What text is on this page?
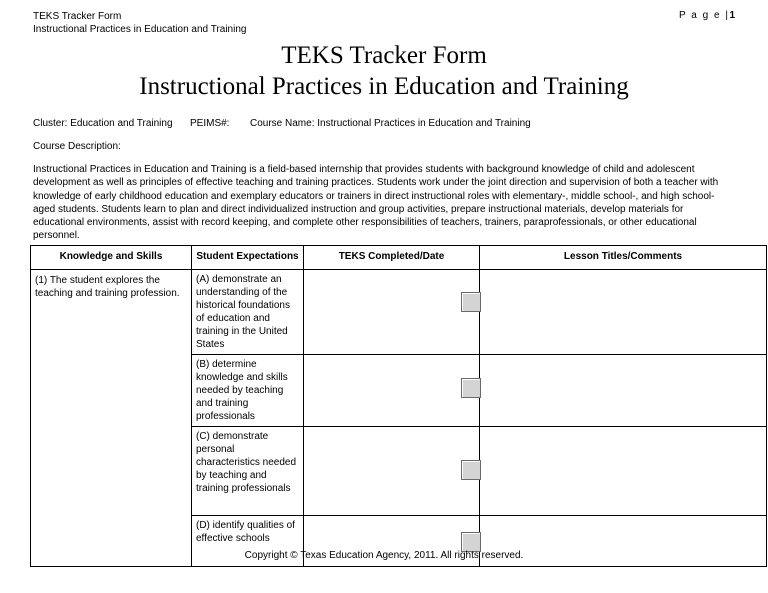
TEKS Tracker Form
Instructional Practices in Education and Training
P a g e |1
TEKS Tracker Form
Instructional Practices in Education and Training
Cluster: Education and Training PEIMS#: Course Name: Instructional Practices in Education and Training
Course Description:
Instructional Practices in Education and Training is a field-based internship that provides students with background knowledge of child and adolescent development as well as principles of effective teaching and training practices. Students work under the joint direction and supervision of both a teacher with knowledge of early childhood education and exemplary educators or trainers in direct instructional roles with elementary-, middle school-, and high school-aged students. Students learn to plan and direct individualized instruction and group activities, prepare instructional materials, develop materials for educational environments, assist with record keeping, and complete other responsibilities of teachers, trainers, paraprofessionals, or other educational personnel.
Knowledge and Skills	Student Expectations	TEKS Completed/Date	Lesson Titles/Comments
(1) The student explores the teaching and training profession.	(A) demonstrate an understanding of the historical foundations of education and training in the United States	

	(B) determine knowledge and skills needed by teaching and training professionals	

	(C) demonstrate personal characteristics needed by teaching and training professionals	

	(D) identify qualities of effective schools	

Copyright © Texas Education Agency, 2011. All rights reserved.
